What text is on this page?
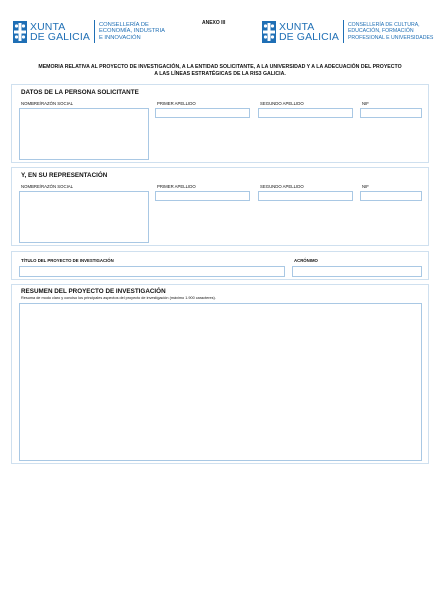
XUNTA
DE GALICIA
CONSELLERÍA DE
ECONOMÍA, INDUSTRIA
E INNOVACIÓN
ANEXO III	XUNTA
DE GALICIA
CONSELLERÍA DE CULTURA,
EDUCACIÓN, FORMACIÓN
PROFESIONAL E UNIVERSIDADES
MEMORIA RELATIVA AL PROYECTO DE INVESTIGACIÓN, A LA ENTIDAD SOLICITANTE, A LA UNIVERSIDAD Y A LA ADECUACIÓN DEL PROYECTO
A LAS LÍNEAS ESTRATÉGICAS DE LA RIS3 GALICIA.
DATOS DE LA PERSONA SOLICITANTE
NOMBRE/RAZÓN SOCIAL	PRIMER APELLIDO	SEGUNDO APELLIDO	NIF
Y, EN SU REPRESENTACIÓN
NOMBRE/RAZÓN SOCIAL	PRIMER APELLIDO	SEGUNDO APELLIDO	NIF
TÍTULO DEL PROYECTO DE INVESTIGACIÓN	ACRÓNIMO
RESUMEN DEL PROYECTO DE INVESTIGACIÓN
Resuma de modo claro y conciso los principales aspectos del proyecto de investigación (máximo 1.900 caracteres).
